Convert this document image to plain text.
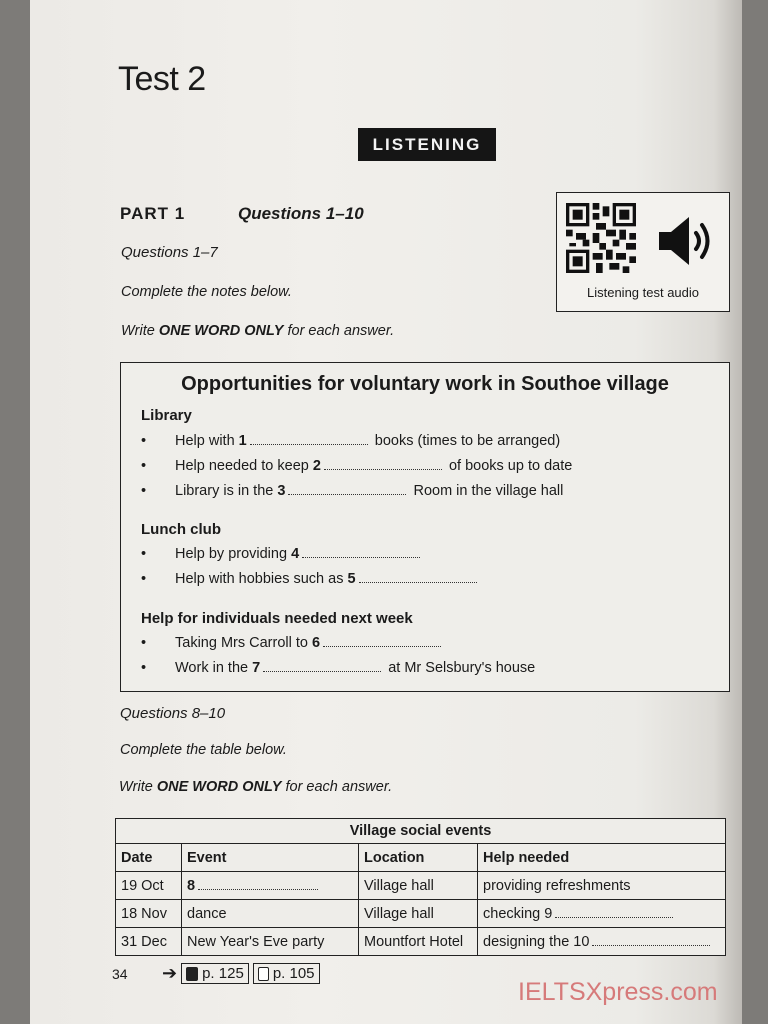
Test 2
LISTENING
PART 1	Questions 1–10
Questions 1–7
Complete the notes below.
Write ONE WORD ONLY for each answer.
Listening test audio
Opportunities for voluntary work in Southoe village
Library
• Help with 1	books (times to be arranged)
• Help needed to keep 2	of books up to date
• Library is in the 3	Room in the village hall
Lunch club
• Help by providing 4
• Help with hobbies such as 5
Help for individuals needed next week
• Taking Mrs Carroll to 6
• Work in the 7	at Mr Selsbury's house
Questions 8–10
Complete the table below.
Write ONE WORD ONLY for each answer.
Village social events			
Date	Event	Location	Help needed
19 Oct	8	Village hall	providing refreshments
18 Nov	dance	Village hall	checking 9
31 Dec	New Year's Eve party	Mountfort Hotel	designing the 10
34 ➔ p. 125 p. 105
IELTSXpress.com
